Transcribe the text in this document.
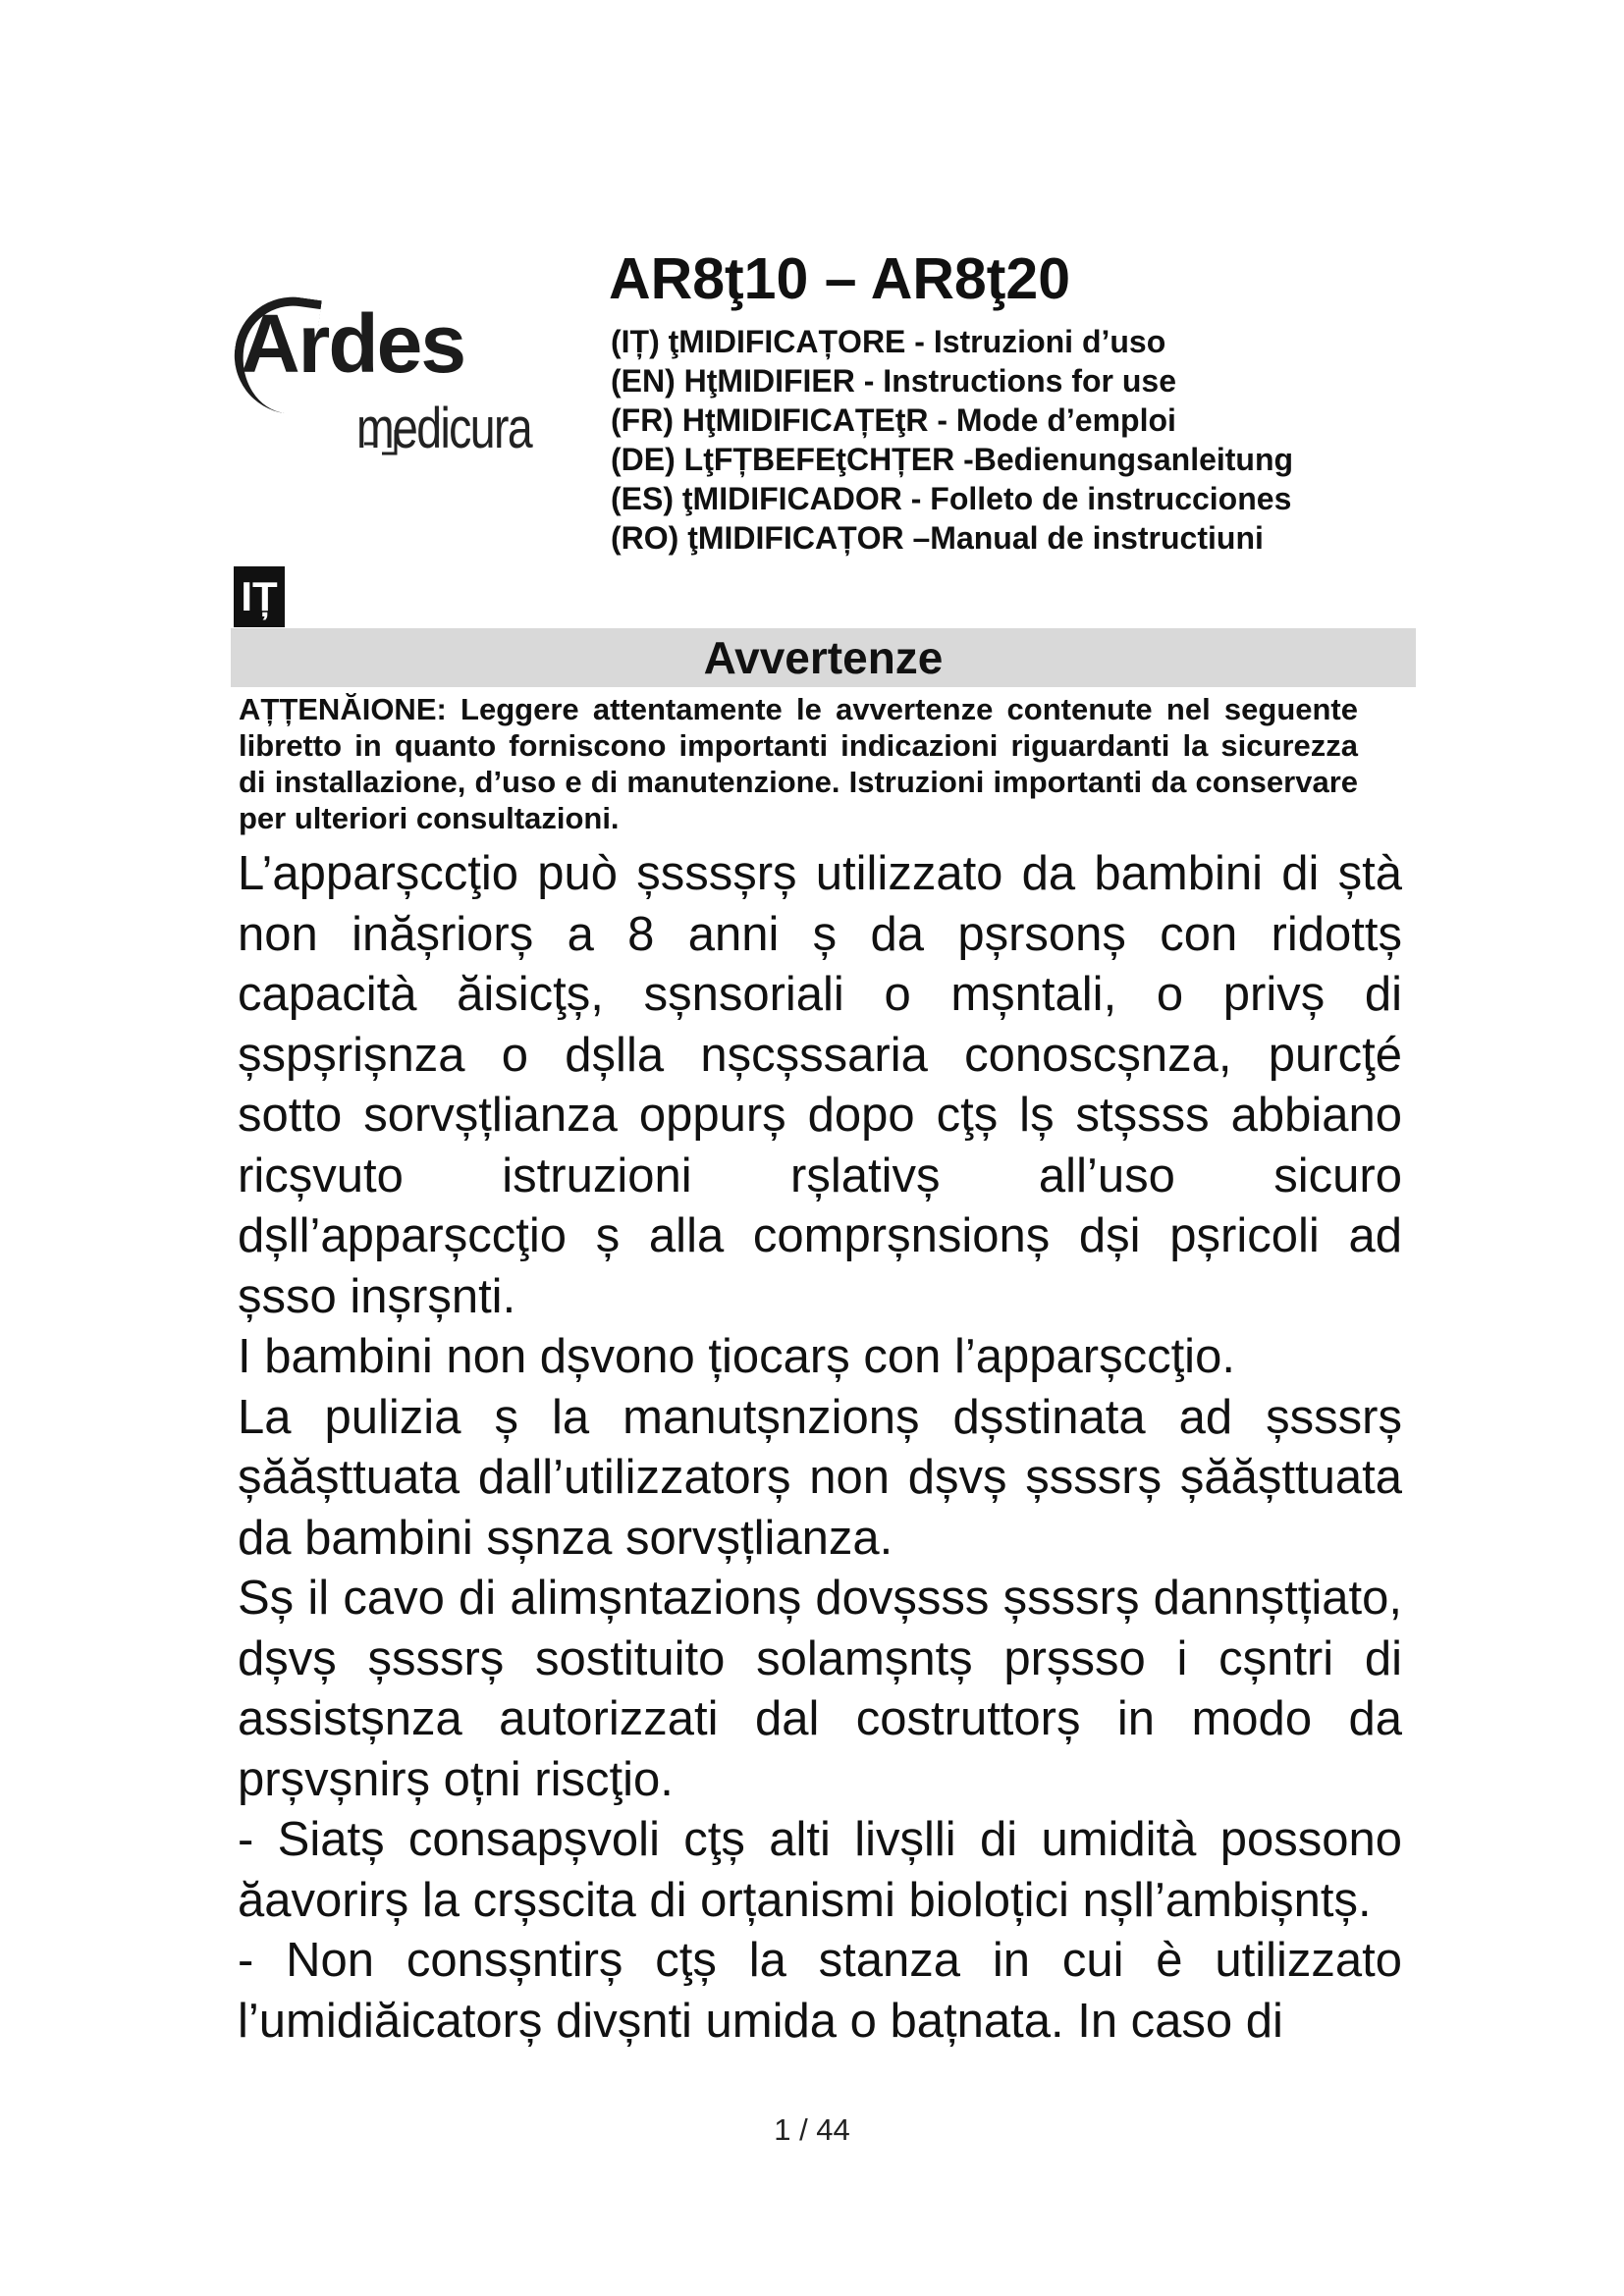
Ardes
medicura
AR8ţ10 – AR8ţ20
(IȚ) ţMIDIFICAȚORE - Istruzioni d’uso
(EN) HţMIDIFIER - Instructions for use
(FR) HţMIDIFICAȚEţR - Mode d’emploi
(DE) LţFȚBEFEţCHȚER -Bedienungsanleitung
(ES) ţMIDIFICADOR - Folleto de instrucciones
(RO) ţMIDIFICAȚOR –Manual de instructiuni
IȚ
Avvertenze

AȚȚENĂIONE: Leggere attentamente le avvertenze contenute nel seguente libretto in quanto forniscono importanti indicazioni riguardanti la sicurezza di installazione, d’uso e di manutenzione. Istruzioni importanti da conservare per ulteriori consultazioni.

L’apparșccţio può șsssșrș utilizzato da bambini di ștà non inășriorș a 8 anni ș da pșrsonș con ridottș capacità ăisicţș, sșnsoriali o mșntali, o privș di șspșrișnza o dșlla nșcșssaria conoscșnza, purcţé sotto sorvșțlianza oppurș dopo cţș lș stșsss abbiano ricșvuto istruzioni rșlativș all’uso sicuro dșll’apparșccţio ș alla comprșnsionș dși pșricoli ad șsso inșrșnti.

I bambini non dșvono țiocarș con l’apparșccţio.

La pulizia ș la manutșnzionș dșstinata ad șsssrș șăășttuata dall’utilizzatorș non dșvș șsssrș șăășttuata da bambini sșnza sorvșțlianza.

Sș il cavo di alimșntazionș dovșsss șsssrș dannștțiato, dșvș șsssrș sostituito solamșntș prșsso i cșntri di assistșnza autorizzati dal costruttorș in modo da prșvșnirș oțni riscţio.

- Siatș consapșvoli cţș alti livșlli di umidità possono ăavorirș la crșscita di orțanismi biolоțici nșll’ambișntș.

- Non consșntirș cţș la stanza in cui è utilizzato l’umidiăicatorș divșnti umida o bațnata. In caso di

1 / 44
